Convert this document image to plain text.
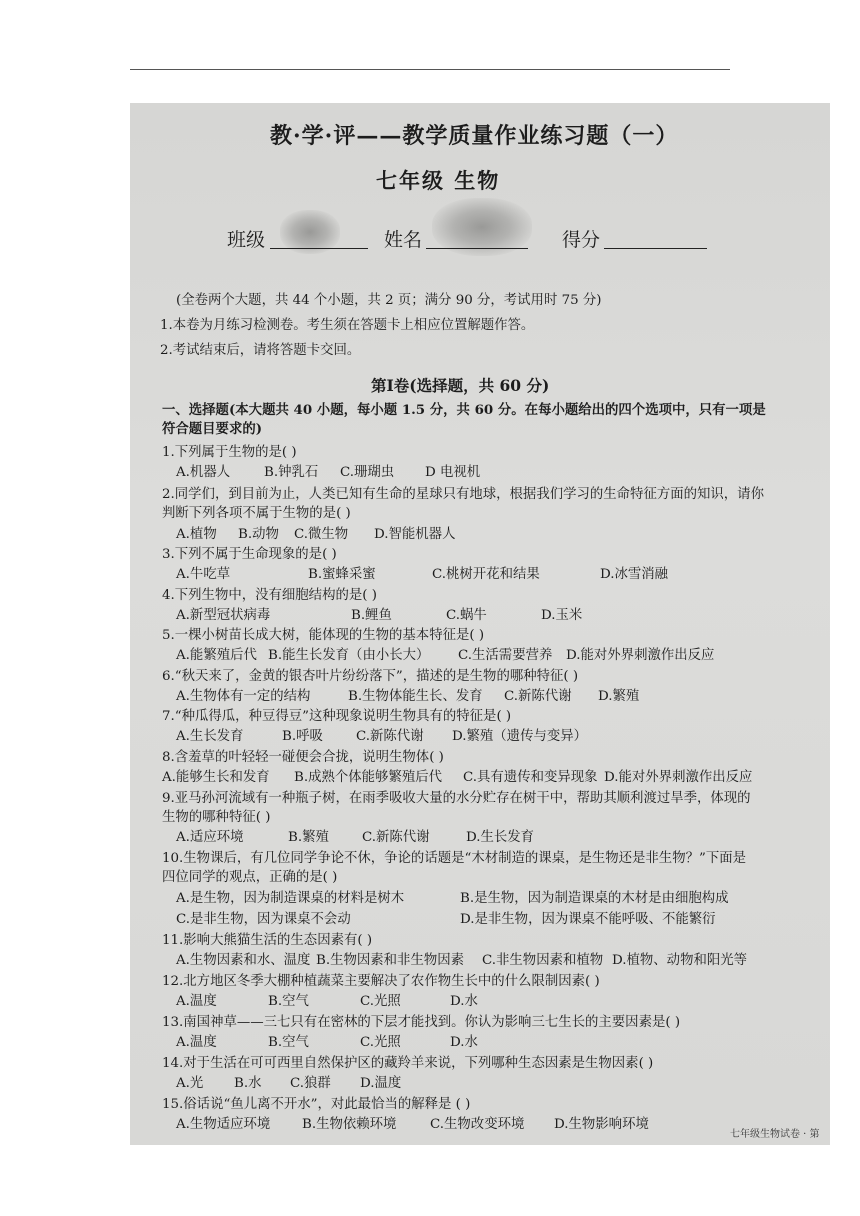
教·学·评——教学质量作业练习题（一）
七年级 生物
班级	姓名	得分
(全卷两个大题，共 44 个小题，共 2 页；满分 90 分，考试用时 75 分)
1.本卷为月练习检测卷。考生须在答题卡上相应位置解题作答。
2.考试结束后，请将答题卡交回。
第Ⅰ卷(选择题，共 60 分)
一、选择题(本大题共 40 小题，每小题 1.5 分，共 60 分。在每小题给出的四个选项中，只有一项是
符合题目要求的)
1.下列属于生物的是( )
A.机器人	B.钟乳石 C.珊瑚虫 D 电视机
2.同学们，到目前为止，人类已知有生命的星球只有地球，根据我们学习的生命特征方面的知识，请你
判断下列各项不属于生物的是( )
A.植物 B.动物 C.微生物 D.智能机器人
3.下列不属于生命现象的是( )
A.牛吃草	B.蜜蜂采蜜	C.桃树开花和结果	D.冰雪消融
4.下列生物中，没有细胞结构的是( )
A.新型冠状病毒	B.鲤鱼	C.蜗牛	D.玉米
5.一棵小树苗长成大树，能体现的生物的基本特征是( )
A.能繁殖后代 B.能生长发育（由小长大） C.生活需要营养 D.能对外界刺激作出反应
6.“秋天来了，金黄的银杏叶片纷纷落下”，描述的是生物的哪种特征( )
A.生物体有一定的结构	B.生物体能生长、发育 C.新陈代谢 D.繁殖
7.“种瓜得瓜，种豆得豆”这种现象说明生物具有的特征是( )
A.生长发育	B.呼吸 C.新陈代谢 D.繁殖（遗传与变异）
8.含羞草的叶轻轻一碰便会合拢，说明生物体( )
A.能够生长和发育 B.成熟个体能够繁殖后代 C.具有遗传和变异现象 D.能对外界刺激作出反应
9.亚马孙河流域有一种瓶子树，在雨季吸收大量的水分贮存在树干中，帮助其顺利渡过旱季，体现的
生物的哪种特征( )
A.适应环境	B.繁殖 C.新陈代谢	D.生长发育
10.生物课后，有几位同学争论不休，争论的话题是“木材制造的课桌，是生物还是非生物？”下面是
四位同学的观点，正确的是( )
A.是生物，因为制造课桌的材料是树木	B.是生物，因为制造课桌的木材是由细胞构成
C.是非生物，因为课桌不会动	D.是非生物，因为课桌不能呼吸、不能繁衍
11.影响大熊猫生活的生态因素有( )
A.生物因素和水、温度 B.生物因素和非生物因素 C.非生物因素和植物 D.植物、动物和阳光等
12.北方地区冬季大棚种植蔬菜主要解决了农作物生长中的什么限制因素( )
A.温度	B.空气	C.光照	D.水
13.南国神草——三七只有在密林的下层才能找到。你认为影响三七生长的主要因素是( )
A.温度	B.空气	C.光照	D.水
14.对于生活在可可西里自然保护区的藏羚羊来说，下列哪种生态因素是生物因素( )
A.光 B.水 C.狼群 D.温度
15.俗话说“鱼儿离不开水”，对此最恰当的解释是 ( )
A.生物适应环境 B.生物依赖环境	C.生物改变环境 D.生物影响环境
七年级生物试卷 · 第
